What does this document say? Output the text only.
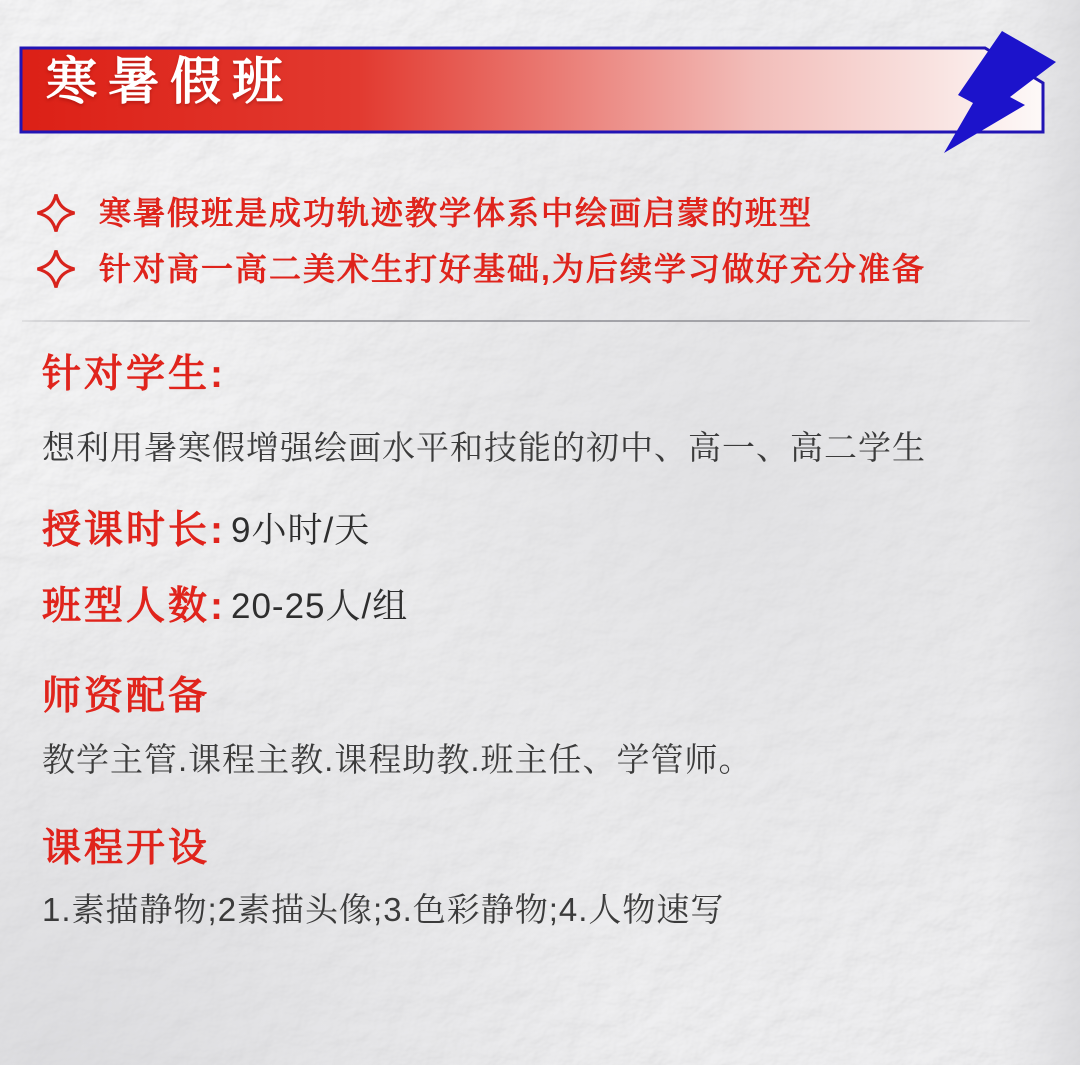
寒暑假班
寒暑假班是成功轨迹教学体系中绘画启蒙的班型
针对高一高二美术生打好基础,为后续学习做好充分准备
针对学生:
想利用暑寒假增强绘画水平和技能的初中、高一、高二学生
授课时长: 9小时/天
班型人数: 20-25人/组
师资配备
教学主管.课程主教.课程助教.班主任、学管师。
课程开设
1.素描静物;2素描头像;3.色彩静物;4.人物速写
